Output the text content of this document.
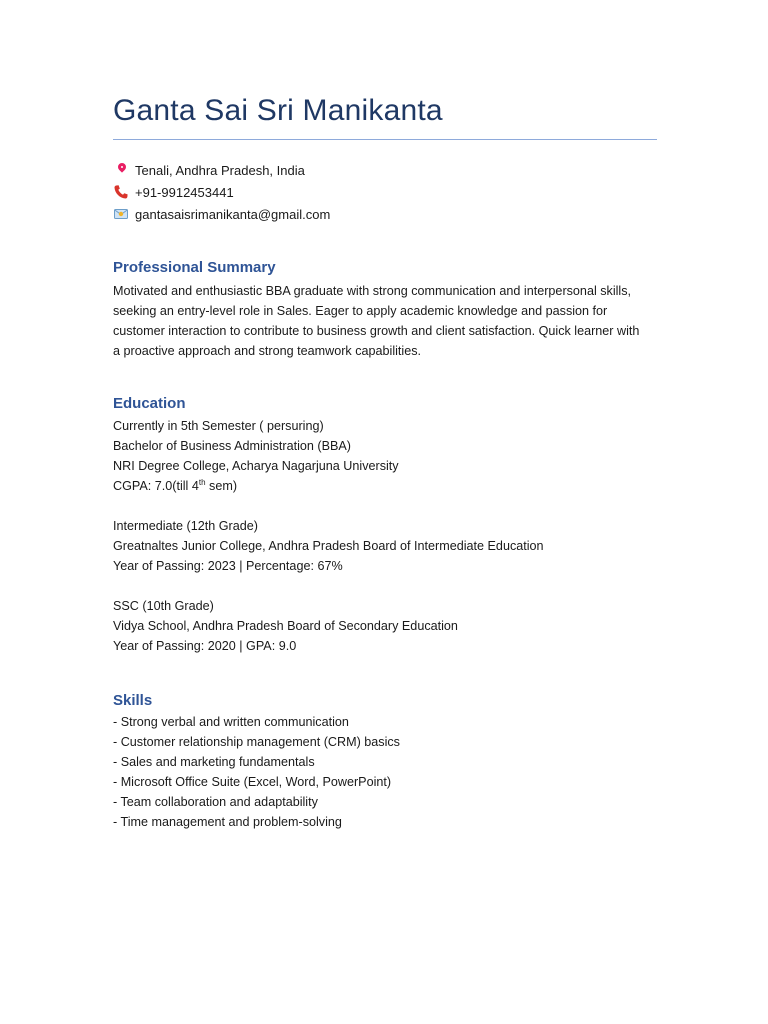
Ganta Sai Sri Manikanta
Tenali, Andhra Pradesh, India
+91-9912453441
gantasaisrimanikanta@gmail.com
Professional Summary
Motivated and enthusiastic BBA graduate with strong communication and interpersonal skills,
seeking an entry-level role in Sales. Eager to apply academic knowledge and passion for
customer interaction to contribute to business growth and client satisfaction. Quick learner with
a proactive approach and strong teamwork capabilities.
Education
Currently in 5th Semester ( persuring)
Bachelor of Business Administration (BBA)
NRI Degree College, Acharya Nagarjuna University
CGPA: 7.0(till 4th sem)
Intermediate (12th Grade)
Greatnaltes Junior College, Andhra Pradesh Board of Intermediate Education
Year of Passing: 2023 | Percentage: 67%
SSC (10th Grade)
Vidya School, Andhra Pradesh Board of Secondary Education
Year of Passing: 2020 | GPA: 9.0
Skills
- Strong verbal and written communication
- Customer relationship management (CRM) basics
- Sales and marketing fundamentals
- Microsoft Office Suite (Excel, Word, PowerPoint)
- Team collaboration and adaptability
- Time management and problem-solving
